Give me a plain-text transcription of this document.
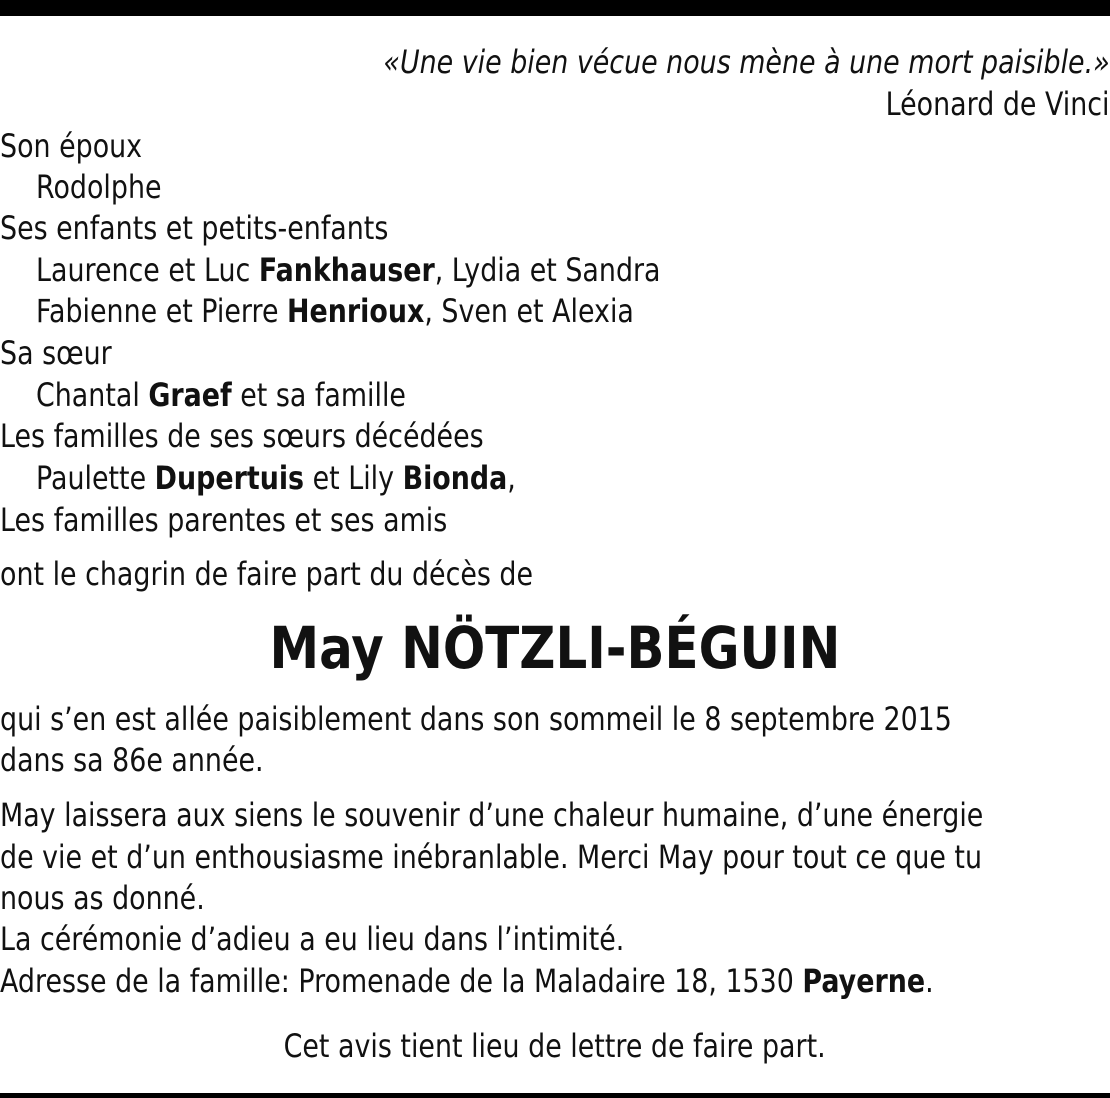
«Une vie bien vécue nous mène à une mort paisible.»
Léonard de Vinci
Son époux
Rodolphe
Ses enfants et petits-enfants
Laurence et Luc Fankhauser, Lydia et Sandra
Fabienne et Pierre Henrioux, Sven et Alexia
Sa sœur
Chantal Graef et sa famille
Les familles de ses sœurs décédées
Paulette Dupertuis et Lily Bionda,
Les familles parentes et ses amis
ont le chagrin de faire part du décès de
May NÖTZLI-BÉGUIN
qui s’en est allée paisiblement dans son sommeil le 8 septembre 2015
dans sa 86e année.
May laissera aux siens le souvenir d’une chaleur humaine, d’une énergie
de vie et d’un enthousiasme inébranlable. Merci May pour tout ce que tu
nous as donné.
La cérémonie d’adieu a eu lieu dans l’intimité.
Adresse de la famille: Promenade de la Maladaire 18, 1530 Payerne.
Cet avis tient lieu de lettre de faire part.
